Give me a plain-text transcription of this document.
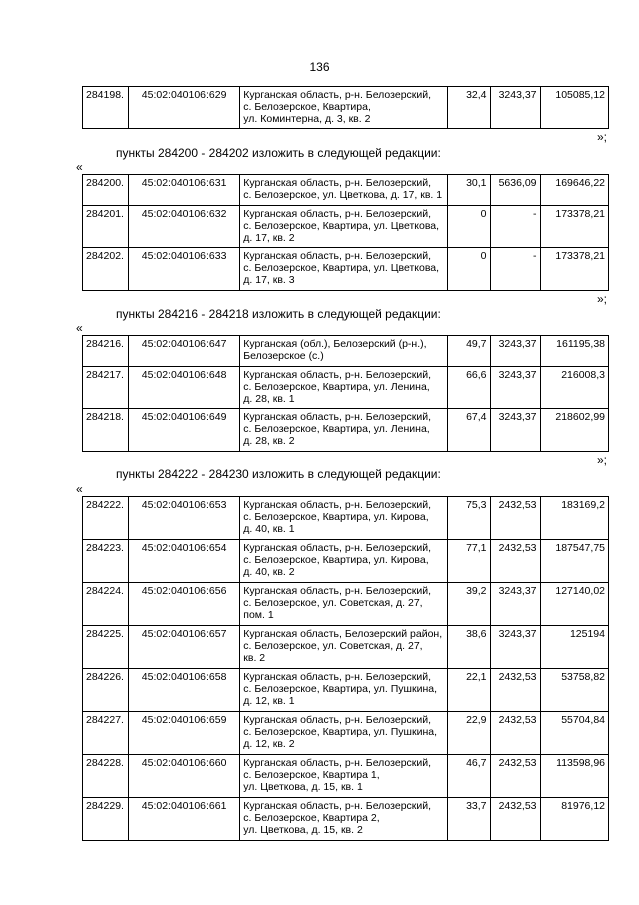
136
284198.	45:02:040106:629	Курганская область, р-н. Белозерский,
с. Белозерское, Квартира,
ул. Коминтерна, д. 3, кв. 2
	32,4	3243,37	105085,12
»;
пункты 284200 - 284202 изложить в следующей редакции:
«
284200.	45:02:040106:631	Курганская область, р-н. Белозерский,
с. Белозерское, ул. Цветкова, д. 17, кв. 1	30,1	5636,09	169646,22
284201.	45:02:040106:632	Курганская область, р-н. Белозерский,
с. Белозерское, Квартира, ул. Цветкова,
д. 17, кв. 2	0	-	173378,21
284202.	45:02:040106:633	Курганская область, р-н. Белозерский,
с. Белозерское, Квартира, ул. Цветкова,
д. 17, кв. 3	0	-	173378,21
»;
пункты 284216 - 284218 изложить в следующей редакции:
«
284216.	45:02:040106:647	Курганская (обл.), Белозерский (р-н.),
Белозерское (с.)	49,7	3243,37	161195,38
284217.	45:02:040106:648	Курганская область, р-н. Белозерский,
с. Белозерское, Квартира, ул. Ленина,
д. 28, кв. 1	66,6	3243,37	216008,3
284218.	45:02:040106:649	Курганская область, р-н. Белозерский,
с. Белозерское, Квартира, ул. Ленина,
д. 28, кв. 2	67,4	3243,37	218602,99
»;
пункты 284222 - 284230 изложить в следующей редакции:
«
284222.	45:02:040106:653	Курганская область, р-н. Белозерский,
с. Белозерское, Квартира, ул. Кирова,
д. 40, кв. 1	75,3	2432,53	183169,2
284223.	45:02:040106:654	Курганская область, р-н. Белозерский,
с. Белозерское, Квартира, ул. Кирова,
д. 40, кв. 2	77,1	2432,53	187547,75
284224.	45:02:040106:656	Курганская область, р-н. Белозерский,
с. Белозерское, ул. Советская, д. 27,
пом. 1	39,2	3243,37	127140,02
284225.	45:02:040106:657	Курганская область, Белозерский район,
с. Белозерское, ул. Советская, д. 27,
кв. 2	38,6	3243,37	125194
284226.	45:02:040106:658	Курганская область, р-н. Белозерский,
с. Белозерское, Квартира, ул. Пушкина,
д. 12, кв. 1	22,1	2432,53	53758,82
284227.	45:02:040106:659	Курганская область, р-н. Белозерский,
с. Белозерское, Квартира, ул. Пушкина,
д. 12, кв. 2	22,9	2432,53	55704,84
284228.	45:02:040106:660	Курганская область, р-н. Белозерский,
с. Белозерское, Квартира 1,
ул. Цветкова, д. 15, кв. 1	46,7	2432,53	113598,96
284229.	45:02:040106:661	Курганская область, р-н. Белозерский,
с. Белозерское, Квартира 2,
ул. Цветкова, д. 15, кв. 2	33,7	2432,53	81976,12
